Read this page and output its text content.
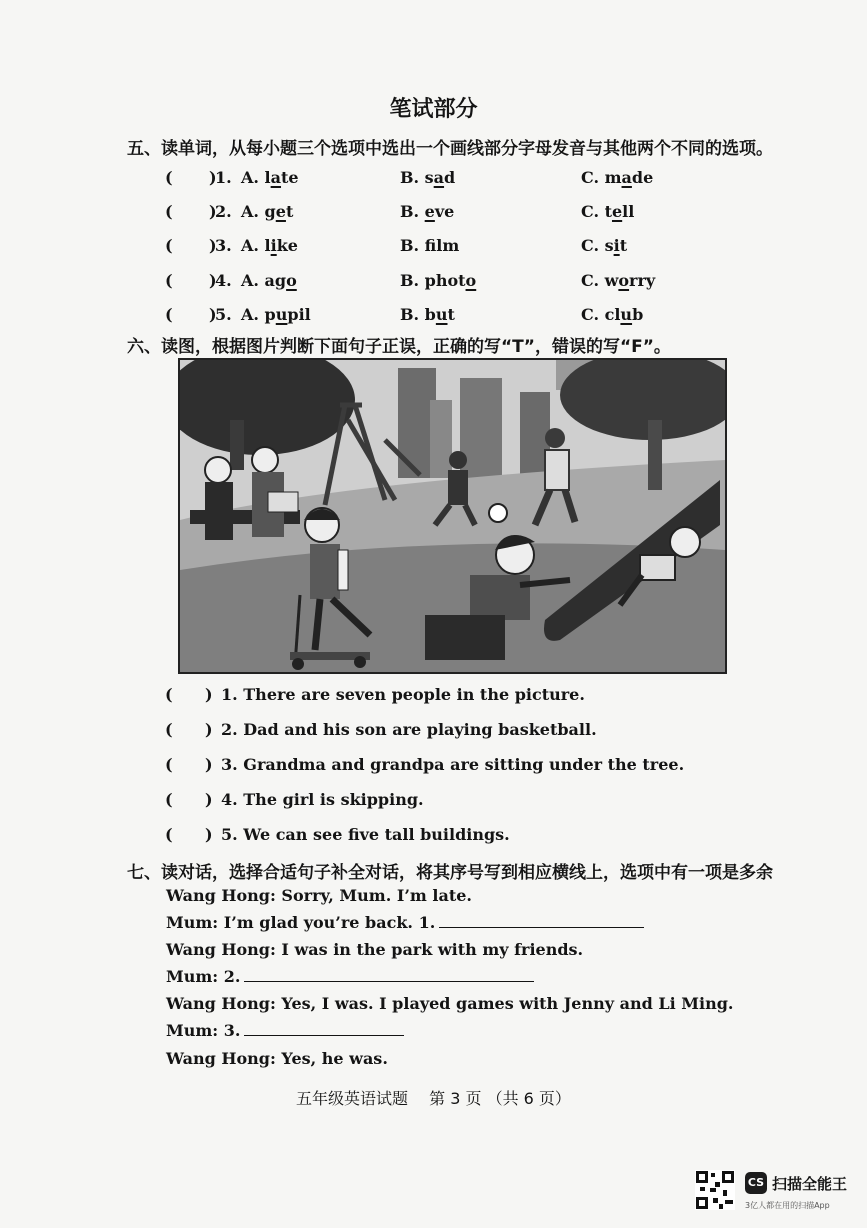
笔试部分
五、读单词，从每小题三个选项中选出一个画线部分字母发音与其他两个不同的选项。
( )
1. A. late	B. sad	C. made
( )
2. A. get	B. eve	C. tell
( )
3. A. like	B. flm	C. sit
( )
4. A. ago	B. photo	C. worry
( )
5. A. pupil	B. but	C. club
六、读图，根据图片判断下面句子正误，正确的写“T”，错误的写“F”。
( ) 1. There are seven people in the picture.
( ) 2. Dad and his son are playing basketball.
( ) 3. Grandma and grandpa are sitting under the tree.
( ) 4. The girl is skipping.
( ) 5. We can see five tall buildings.
七、读对话，选择合适句子补全对话，将其序号写到相应横线上，选项中有一项是多余
Wang Hong: Sorry, Mum. I’m late.
Mum: I’m glad you’re back. 1.
Wang Hong: I was in the park with my friends.
Mum: 2.
Wang Hong: Yes, I was. I played games with Jenny and Li Ming.
Mum: 3.
Wang Hong: Yes, he was.
五年级英语试题　 第 3 页 （共 6 页）
CS 扫描全能王
3亿人都在用的扫描App
